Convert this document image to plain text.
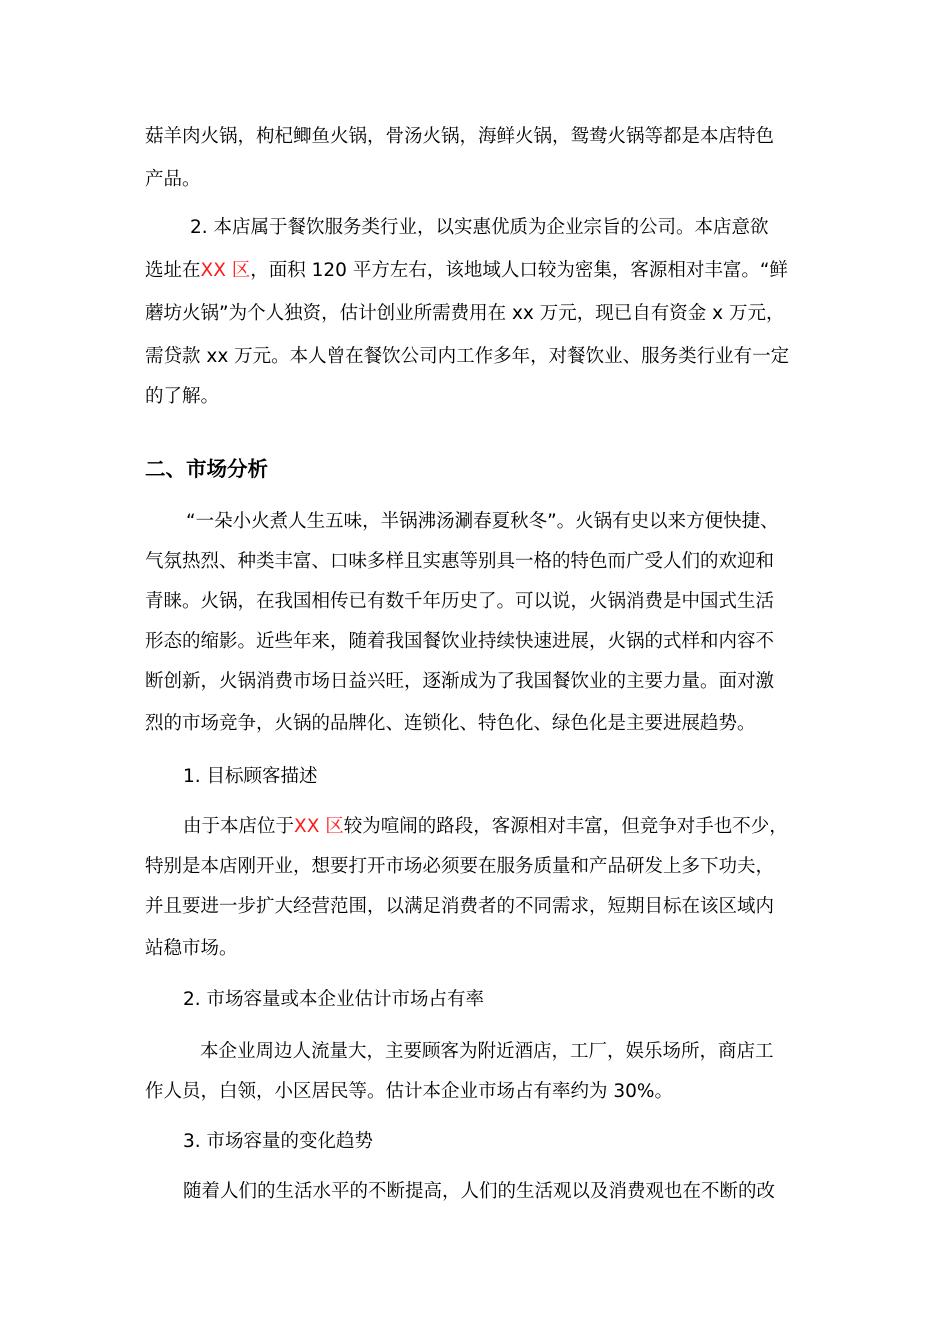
菇羊肉火锅，枸杞鲫鱼火锅，骨汤火锅，海鲜火锅，鸳鸯火锅等都是本店特色
产品。
2. 本店属于餐饮服务类行业，以实惠优质为企业宗旨的公司。本店意欲
选址在XX 区，面积 120 平方左右，该地域人口较为密集，客源相对丰富。“鲜
蘑坊火锅”为个人独资，估计创业所需费用在 xx 万元，现已自有资金 x 万元，
需贷款 xx 万元。本人曾在餐饮公司内工作多年，对餐饮业、服务类行业有一定
的了解。
二、市场分析
“一朵小火煮人生五味，半锅沸汤涮春夏秋冬”。火锅有史以来方便快捷、
气氛热烈、种类丰富、口味多样且实惠等别具一格的特色而广受人们的欢迎和
青睐。火锅，在我国相传已有数千年历史了。可以说，火锅消费是中国式生活
形态的缩影。近些年来，随着我国餐饮业持续快速进展，火锅的式样和内容不
断创新，火锅消费市场日益兴旺，逐渐成为了我国餐饮业的主要力量。面对激
烈的市场竞争，火锅的品牌化、连锁化、特色化、绿色化是主要进展趋势。
1. 目标顾客描述
由于本店位于XX 区较为喧闹的路段，客源相对丰富，但竞争对手也不少，
特别是本店刚开业，想要打开市场必须要在服务质量和产品研发上多下功夫，
并且要进一步扩大经营范围，以满足消费者的不同需求，短期目标在该区域内
站稳市场。
2. 市场容量或本企业估计市场占有率
本企业周边人流量大，主要顾客为附近酒店，工厂，娱乐场所，商店工
作人员，白领，小区居民等。估计本企业市场占有率约为 30%。
3. 市场容量的变化趋势
随着人们的生活水平的不断提高，人们的生活观以及消费观也在不断的改
